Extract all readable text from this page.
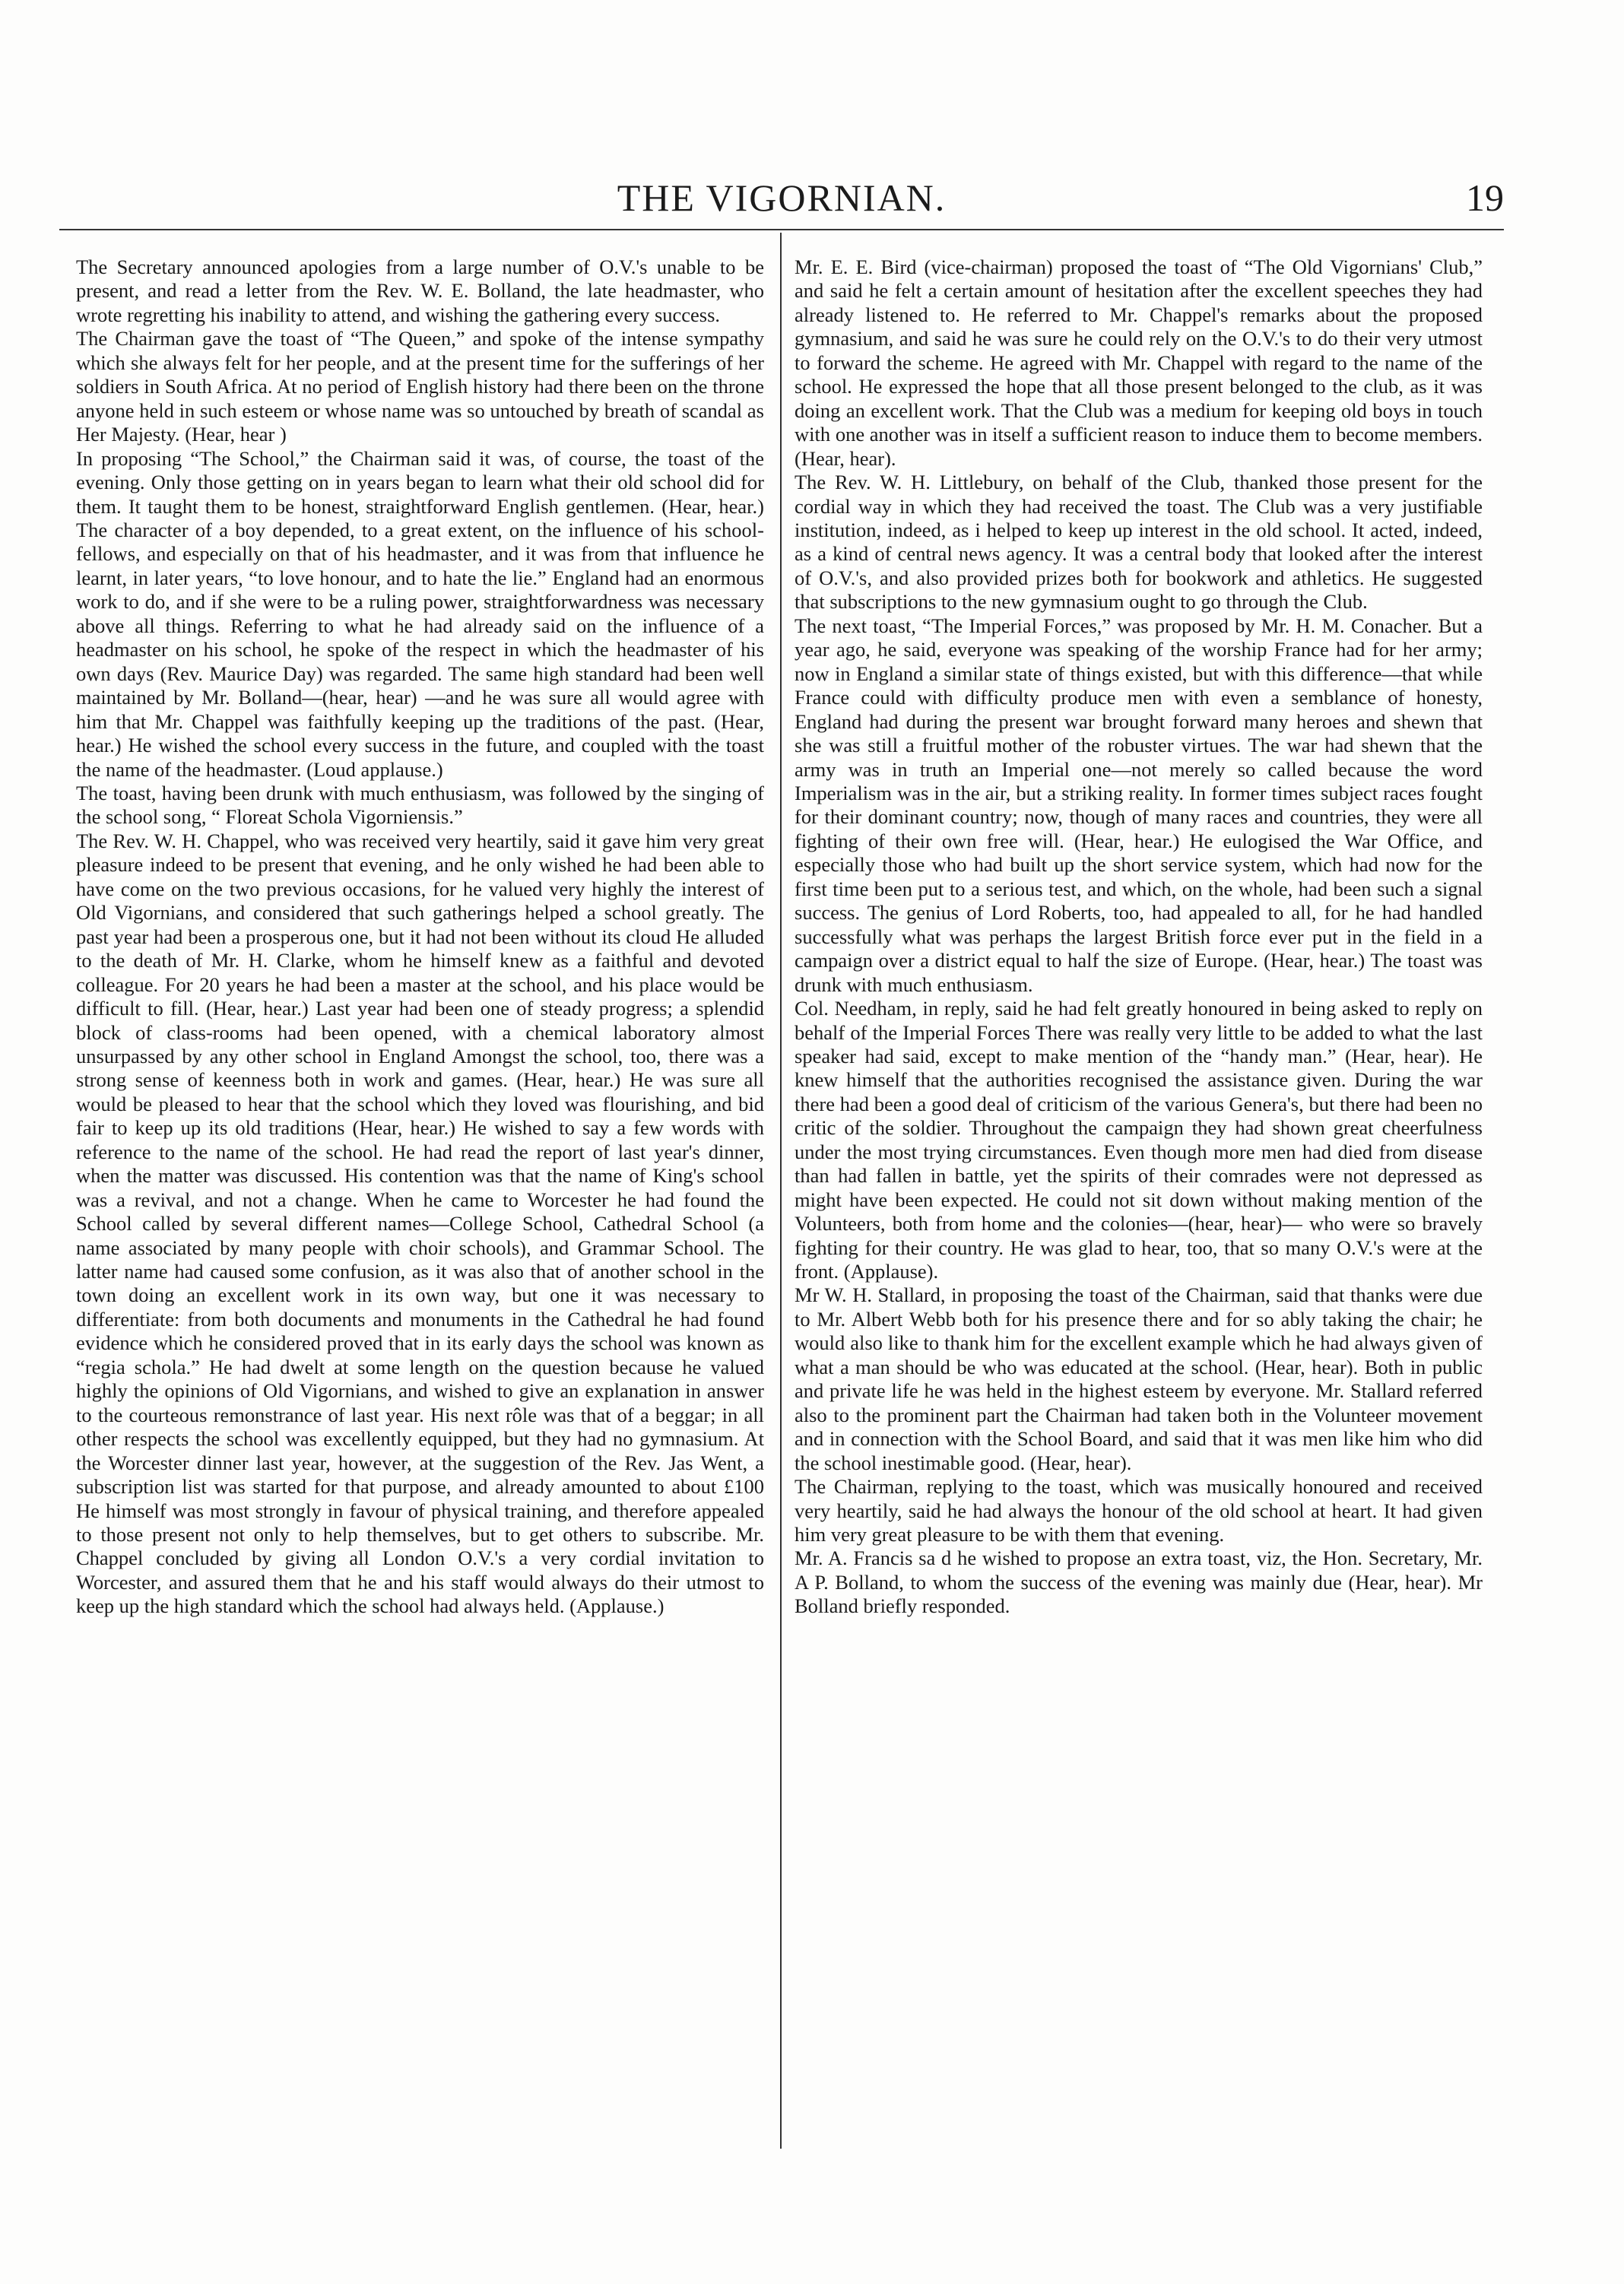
THE VIGORNIAN.	19

The Secretary announced apologies from a large number of O.V.'s unable to be present, and read a letter from the Rev. W. E. Bolland, the late headmaster, who wrote regretting his inability to attend, and wishing the gathering every success.

The Chairman gave the toast of “The Queen,” and spoke of the intense sympathy which she always felt for her people, and at the present time for the sufferings of her soldiers in South Africa. At no period of English history had there been on the throne anyone held in such esteem or whose name was so untouched by breath of scandal as Her Majesty. (Hear, hear )

In proposing “The School,” the Chairman said it was, of course, the toast of the evening. Only those getting on in years began to learn what their old school did for them. It taught them to be honest, straightforward English gentlemen. (Hear, hear.) The character of a boy depended, to a great extent, on the influence of his school-fellows, and especially on that of his headmaster, and it was from that influence he learnt, in later years, “to love honour, and to hate the lie.” England had an enormous work to do, and if she were to be a ruling power, straightforwardness was necessary above all things. Referring to what he had already said on the influence of a headmaster on his school, he spoke of the respect in which the headmaster of his own days (Rev. Maurice Day) was regarded. The same high standard had been well maintained by Mr. Bolland—(hear, hear) —and he was sure all would agree with him that Mr. Chappel was faithfully keeping up the traditions of the past. (Hear, hear.) He wished the school every success in the future, and coupled with the toast the name of the headmaster. (Loud applause.)

The toast, having been drunk with much enthusiasm, was followed by the singing of the school song, “ Floreat Schola Vigorniensis.”

The Rev. W. H. Chappel, who was received very heartily, said it gave him very great pleasure indeed to be present that evening, and he only wished he had been able to have come on the two previous occasions, for he valued very highly the interest of Old Vigornians, and considered that such gatherings helped a school greatly. The past year had been a prosperous one, but it had not been without its cloud He alluded to the death of Mr. H. Clarke, whom he himself knew as a faithful and devoted colleague. For 20 years he had been a master at the school, and his place would be difficult to fill. (Hear, hear.) Last year had been one of steady progress; a splendid block of class-rooms had been opened, with a chemical laboratory almost unsurpassed by any other school in England Amongst the school, too, there was a strong sense of keenness both in work and games. (Hear, hear.) He was sure all would be pleased to hear that the school which they loved was flourishing, and bid fair to keep up its old traditions (Hear, hear.) He wished to say a few words with reference to the name of the school. He had read the report of last year's dinner, when the matter was discussed. His contention was that the name of King's school was a revival, and not a change. When he came to Worcester he had found the School called by several different names—College School, Cathedral School (a name associated by many people with choir schools), and Grammar School. The latter name had caused some confusion, as it was also that of another school in the town doing an excellent work in its own way, but one it was necessary to differentiate: from both documents and monuments in the Cathedral he had found evidence which he considered proved that in its early days the school was known as “regia schola.” He had dwelt at some length on the question because he valued highly the opinions of Old Vigornians, and wished to give an explanation in answer to the courteous remonstrance of last year. His next rôle was that of a beggar; in all other respects the school was excellently equipped, but they had no gymnasium. At the Worcester dinner last year, however, at the suggestion of the Rev. Jas Went, a subscription list was started for that purpose, and already amounted to about £100 He himself was most strongly in favour of physical training, and therefore appealed to those present not only to help themselves, but to get others to subscribe. Mr. Chappel concluded by giving all London O.V.'s a very cordial invitation to Worcester, and assured them that he and his staff would always do their utmost to keep up the high standard which the school had always held. (Applause.)

Mr. E. E. Bird (vice-chairman) proposed the toast of “The Old Vigornians' Club,” and said he felt a certain amount of hesitation after the excellent speeches they had already listened to. He referred to Mr. Chappel's remarks about the proposed gymnasium, and said he was sure he could rely on the O.V.'s to do their very utmost to forward the scheme. He agreed with Mr. Chappel with regard to the name of the school. He expressed the hope that all those present belonged to the club, as it was doing an excellent work. That the Club was a medium for keeping old boys in touch with one another was in itself a sufficient reason to induce them to become members. (Hear, hear).

The Rev. W. H. Littlebury, on behalf of the Club, thanked those present for the cordial way in which they had received the toast. The Club was a very justifiable institution, indeed, as i helped to keep up interest in the old school. It acted, indeed, as a kind of central news agency. It was a central body that looked after the interest of O.V.'s, and also provided prizes both for bookwork and athletics. He suggested that subscriptions to the new gymnasium ought to go through the Club.

The next toast, “The Imperial Forces,” was proposed by Mr. H. M. Conacher. But a year ago, he said, everyone was speaking of the worship France had for her army; now in England a similar state of things existed, but with this difference—that while France could with difficulty produce men with even a semblance of honesty, England had during the present war brought forward many heroes and shewn that she was still a fruitful mother of the robuster virtues. The war had shewn that the army was in truth an Imperial one—not merely so called because the word Imperialism was in the air, but a striking reality. In former times subject races fought for their dominant country; now, though of many races and countries, they were all fighting of their own free will. (Hear, hear.) He eulogised the War Office, and especially those who had built up the short service system, which had now for the first time been put to a serious test, and which, on the whole, had been such a signal success. The genius of Lord Roberts, too, had appealed to all, for he had handled successfully what was perhaps the largest British force ever put in the field in a campaign over a district equal to half the size of Europe. (Hear, hear.) The toast was drunk with much enthusiasm.

Col. Needham, in reply, said he had felt greatly honoured in being asked to reply on behalf of the Imperial Forces There was really very little to be added to what the last speaker had said, except to make mention of the “handy man.” (Hear, hear). He knew himself that the authorities recognised the assistance given. During the war there had been a good deal of criticism of the various Genera's, but there had been no critic of the soldier. Throughout the campaign they had shown great cheerfulness under the most trying circumstances. Even though more men had died from disease than had fallen in battle, yet the spirits of their comrades were not depressed as might have been expected. He could not sit down without making mention of the Volunteers, both from home and the colonies—(hear, hear)— who were so bravely fighting for their country. He was glad to hear, too, that so many O.V.'s were at the front. (Applause).

Mr W. H. Stallard, in proposing the toast of the Chairman, said that thanks were due to Mr. Albert Webb both for his presence there and for so ably taking the chair; he would also like to thank him for the excellent example which he had always given of what a man should be who was educated at the school. (Hear, hear). Both in public and private life he was held in the highest esteem by everyone. Mr. Stallard referred also to the prominent part the Chairman had taken both in the Volunteer movement and in connection with the School Board, and said that it was men like him who did the school inestimable good. (Hear, hear).

The Chairman, replying to the toast, which was musically honoured and received very heartily, said he had always the honour of the old school at heart. It had given him very great pleasure to be with them that evening.

Mr. A. Francis sa d he wished to propose an extra toast, viz, the Hon. Secretary, Mr. A P. Bolland, to whom the success of the evening was mainly due (Hear, hear). Mr Bolland briefly responded.
